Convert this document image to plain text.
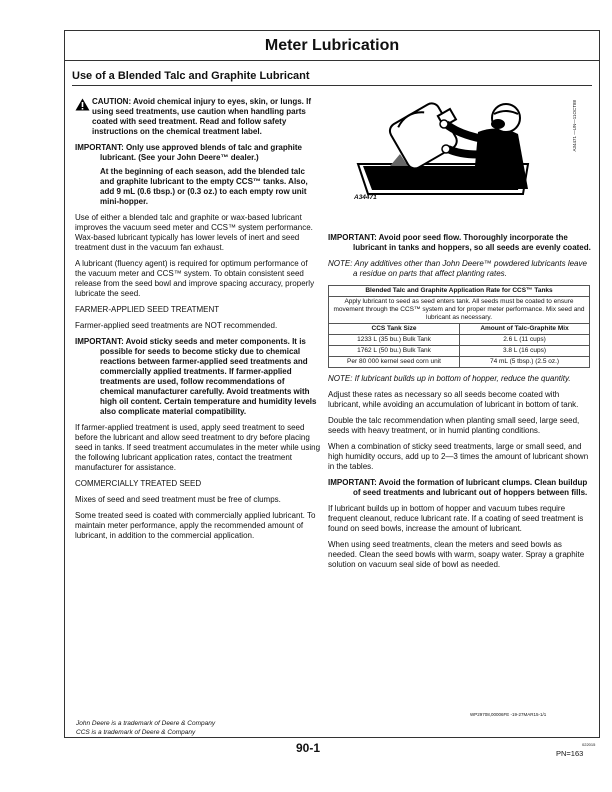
Meter Lubrication
Use of a Blended Talc and Graphite Lubricant
CAUTION: Avoid chemical injury to eyes, skin, or lungs. If using seed treatments, use caution when handling parts coated with seed treatment. Read and follow safety instructions on the chemical treatment label.

IMPORTANT: Only use approved blends of talc and graphite lubricant. (See your John Deere™ dealer.)

At the beginning of each season, add the blended talc and graphite lubricant to the empty CCS™ tanks. Also, add 9 mL (0.6 tbsp.) or (0.3 oz.) to each empty row unit mini-hopper.

Use of either a blended talc and graphite or wax-based lubricant improves the vacuum seed meter and CCS™ system performance. Wax-based lubricant typically has lower levels of inert and seed treatment dust in the vacuum fan exhaust.

A lubricant (fluency agent) is required for optimum performance of the vacuum meter and CCS™ system. To obtain consistent seed release from the seed bowl and improve spacing accuracy, properly lubricate the seed.

FARMER-APPLIED SEED TREATMENT

Farmer-applied seed treatments are NOT recommended.

IMPORTANT: Avoid sticky seeds and meter components. It is possible for seeds to become sticky due to chemical reactions between farmer-applied seed treatments and commercially applied treatments. If farmer-applied treatments are used, follow recommendations of chemical manufacturer carefully. Avoid treatments with high oil content. Certain temperature and humidity levels also complicate material compatibility.

If farmer-applied treatment is used, apply seed treatment to seed before the lubricant and allow seed treatment to dry before placing seed in tanks. If seed treatment accumulates in the meter while using the following lubricant application rates, contact the treatment manufacturer for assistance.

COMMERCIALLY TREATED SEED

Mixes of seed and seed treatment must be free of clumps.

Some treated seed is coated with commercially applied lubricant. To maintain meter performance, apply the recommended amount of lubricant, in addition to the commercial application.

A34471
A34471 —UN—11OCT88

IMPORTANT: Avoid poor seed flow. Thoroughly incorporate the lubricant in tanks and hoppers, so all seeds are evenly coated.

NOTE: Any additives other than John Deere™ powdered lubricants leave a residue on parts that affect planting rates.

Blended Talc and Graphite Application Rate for CCS™ Tanks	
Apply lubricant to seed as seed enters tank. All seeds must be coated to ensure movement through the CCS™ system and for proper meter performance. Mix seed and lubricant as necessary.	
CCS Tank Size	Amount of Talc-Graphite Mix
1233 L (35 bu.) Bulk Tank	2.6 L (11 cups)
1762 L (50 bu.) Bulk Tank	3.8 L (16 cups)
Per 80 000 kernel seed corn unit	74 mL (5 tbsp.) (2.5 oz.)

NOTE: If lubricant builds up in bottom of hopper, reduce the quantity.

Adjust these rates as necessary so all seeds become coated with lubricant, while avoiding an accumulation of lubricant in bottom of tank.

Double the talc recommendation when planting small seed, large seed, seeds with heavy treatment, or in humid planting conditions.

When a combination of sticky seed treatments, large or small seed, and high humidity occurs, add up to 2—3 times the amount of lubricant shown in the tables.

IMPORTANT: Avoid the formation of lubricant clumps. Clean buildup of seed treatments and lubricant out of hoppers between fills.

If lubricant builds up in bottom of hopper and vacuum tubes require frequent cleanout, reduce lubricant rate. If a coating of seed treatment is found on seed bowls, increase the amount of lubricant.

When using seed treatments, clean the meters and seed bowls as needed. Clean the seed bowls with warm, soapy water. Spray a graphite solution on vacuum seal side of bowl as needed.

WP29708,00006FE -19-27MAR15-1/1
John Deere is a trademark of Deere & Company
CCS is a trademark of Deere & Company
90-1	022015
PN=163
